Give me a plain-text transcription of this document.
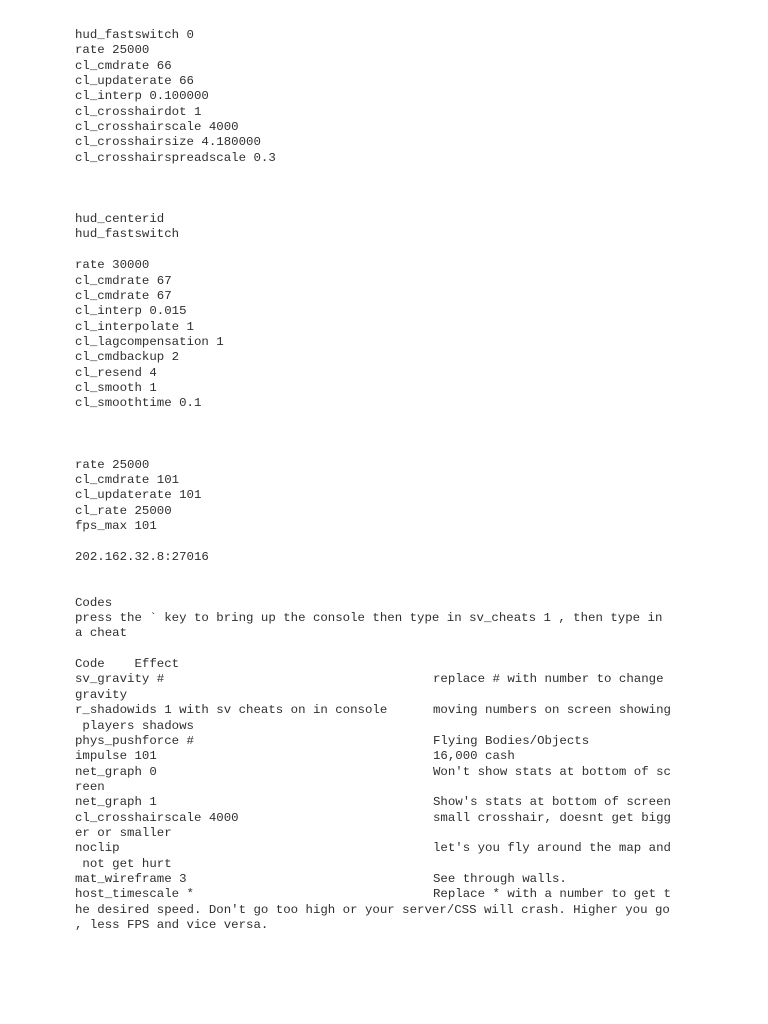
hud_fastswitch 0
rate 25000
cl_cmdrate 66
cl_updaterate 66
cl_interp 0.100000
cl_crosshairdot 1
cl_crosshairscale 4000
cl_crosshairsize 4.180000
cl_crosshairspreadscale 0.3
hud_centerid
hud_fastswitch
rate 30000
cl_cmdrate 67
cl_cmdrate 67
cl_interp 0.015
cl_interpolate 1
cl_lagcompensation 1
cl_cmdbackup 2
cl_resend 4
cl_smooth 1
cl_smoothtime 0.1
rate 25000
cl_cmdrate 101
cl_updaterate 101
cl_rate 25000
fps_max 101
202.162.32.8:27016
Codes
press the ` key to bring up the console then type in sv_cheats 1 , then type in
a cheat
Code    Effect

sv_gravity #

	replace # with number to change

gravity

r_shadowids 1 with sv cheats on in console

	moving numbers on screen showing

players shadows

phys_pushforce #

	Flying Bodies/Objects

impulse 101

	16,000 cash

net_graph 0

	Won't show stats at bottom of sc

reen

net_graph 1

	Show's stats at bottom of screen

cl_crosshairscale 4000

	small crosshair, doesnt get bigg

er or smaller

noclip

	let's you fly around the map and

not get hurt

mat_wireframe 3

	See through walls.

host_timescale *

	Replace * with a number to get t

he desired speed. Don't go too high or your server/CSS will crash. Higher you go
, less FPS and vice versa.
